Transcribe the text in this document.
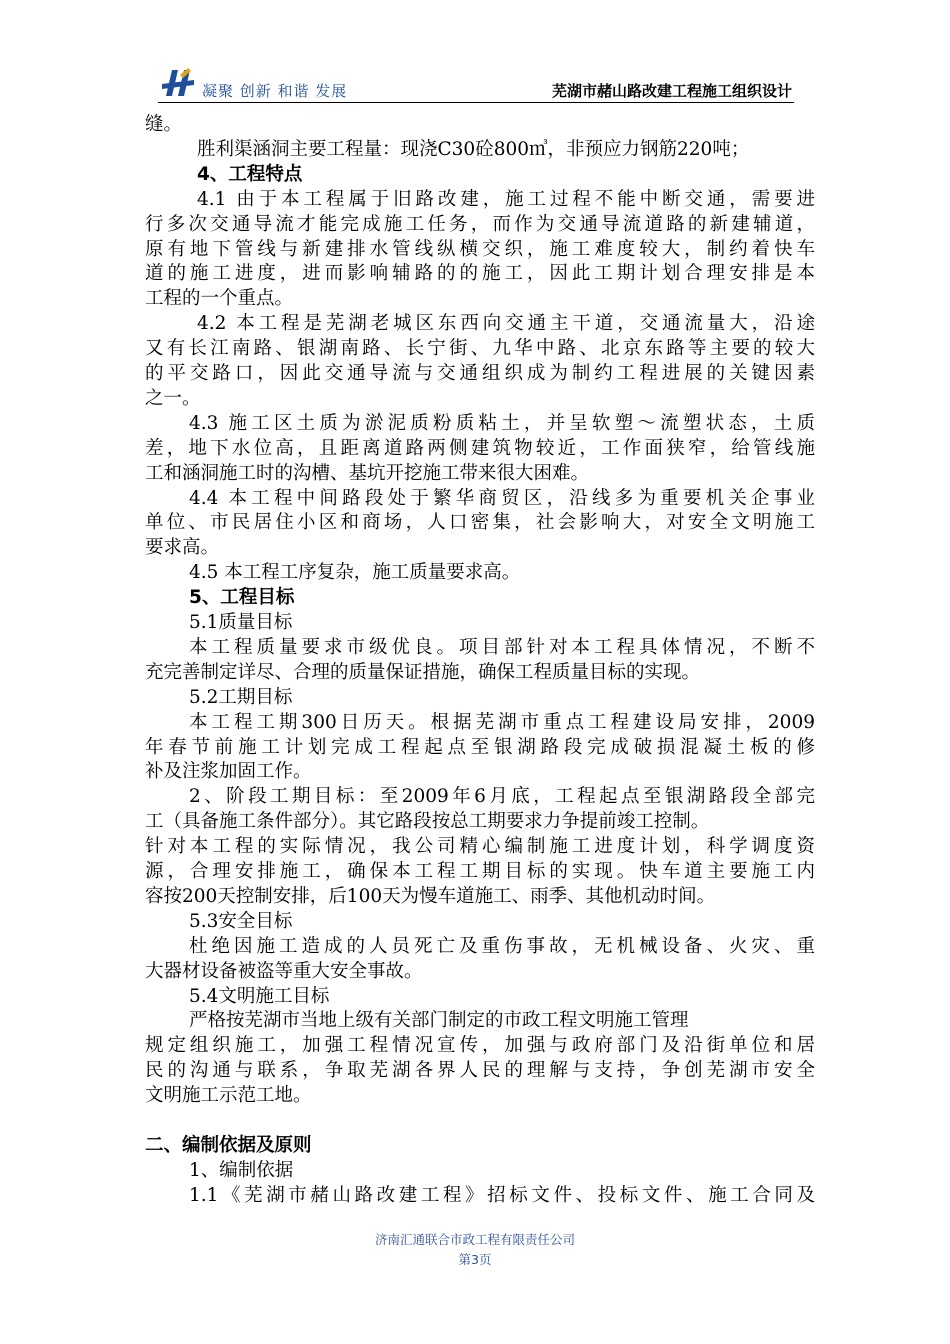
凝聚 创新 和谐 发展	芜湖市赭山路改建工程施工组织设计
缝。
胜利渠涵洞主要工程量：现浇C30砼800㎥，非预应力钢筋220吨；
4、工程特点
4.1 由于本工程属于旧路改建，施工过程不能中断交通，需要进
行多次交通导流才能完成施工任务，而作为交通导流道路的新建辅道，
原有地下管线与新建排水管线纵横交织，施工难度较大，制约着快车
道的施工进度，进而影响辅路的的施工，因此工期计划合理安排是本
工程的一个重点。
4.2 本工程是芜湖老城区东西向交通主干道，交通流量大，沿途
又有长江南路、银湖南路、长宁街、九华中路、北京东路等主要的较大
的平交路口，因此交通导流与交通组织成为制约工程进展的关键因素
之一。
4.3 施工区土质为淤泥质粉质粘土，并呈软塑～流塑状态，土质
差，地下水位高，且距离道路两侧建筑物较近，工作面狭窄，给管线施
工和涵洞施工时的沟槽、基坑开挖施工带来很大困难。
4.4 本工程中间路段处于繁华商贸区，沿线多为重要机关企事业
单位、市民居住小区和商场，人口密集，社会影响大，对安全文明施工
要求高。
4.5 本工程工序复杂，施工质量要求高。
5、工程目标
5.1质量目标
本工程质量要求市级优良。项目部针对本工程具体情况，不断不
充完善制定详尽、合理的质量保证措施，确保工程质量目标的实现。
5.2工期目标
本工程工期300日历天。根据芜湖市重点工程建设局安排，2009
年春节前施工计划完成工程起点至银湖路段完成破损混凝土板的修
补及注浆加固工作。
2、阶段工期目标：至2009年6月底，工程起点至银湖路段全部完
工（具备施工条件部分）。其它路段按总工期要求力争提前竣工控制。
针对本工程的实际情况，我公司精心编制施工进度计划，科学调度资
源，合理安排施工，确保本工程工期目标的实现。快车道主要施工内
容按200天控制安排，后100天为慢车道施工、雨季、其他机动时间。
5.3安全目标
杜绝因施工造成的人员死亡及重伤事故，无机械设备、火灾、重
大器材设备被盗等重大安全事故。
5.4文明施工目标
严格按芜湖市当地上级有关部门制定的市政工程文明施工管理
规定组织施工，加强工程情况宣传，加强与政府部门及沿街单位和居
民的沟通与联系，争取芜湖各界人民的理解与支持，争创芜湖市安全
文明施工示范工地。
二、编制依据及原则
1、编制依据
1.1《芜湖市赭山路改建工程》招标文件、投标文件、施工合同及
济南汇通联合市政工程有限责任公司
第3页
